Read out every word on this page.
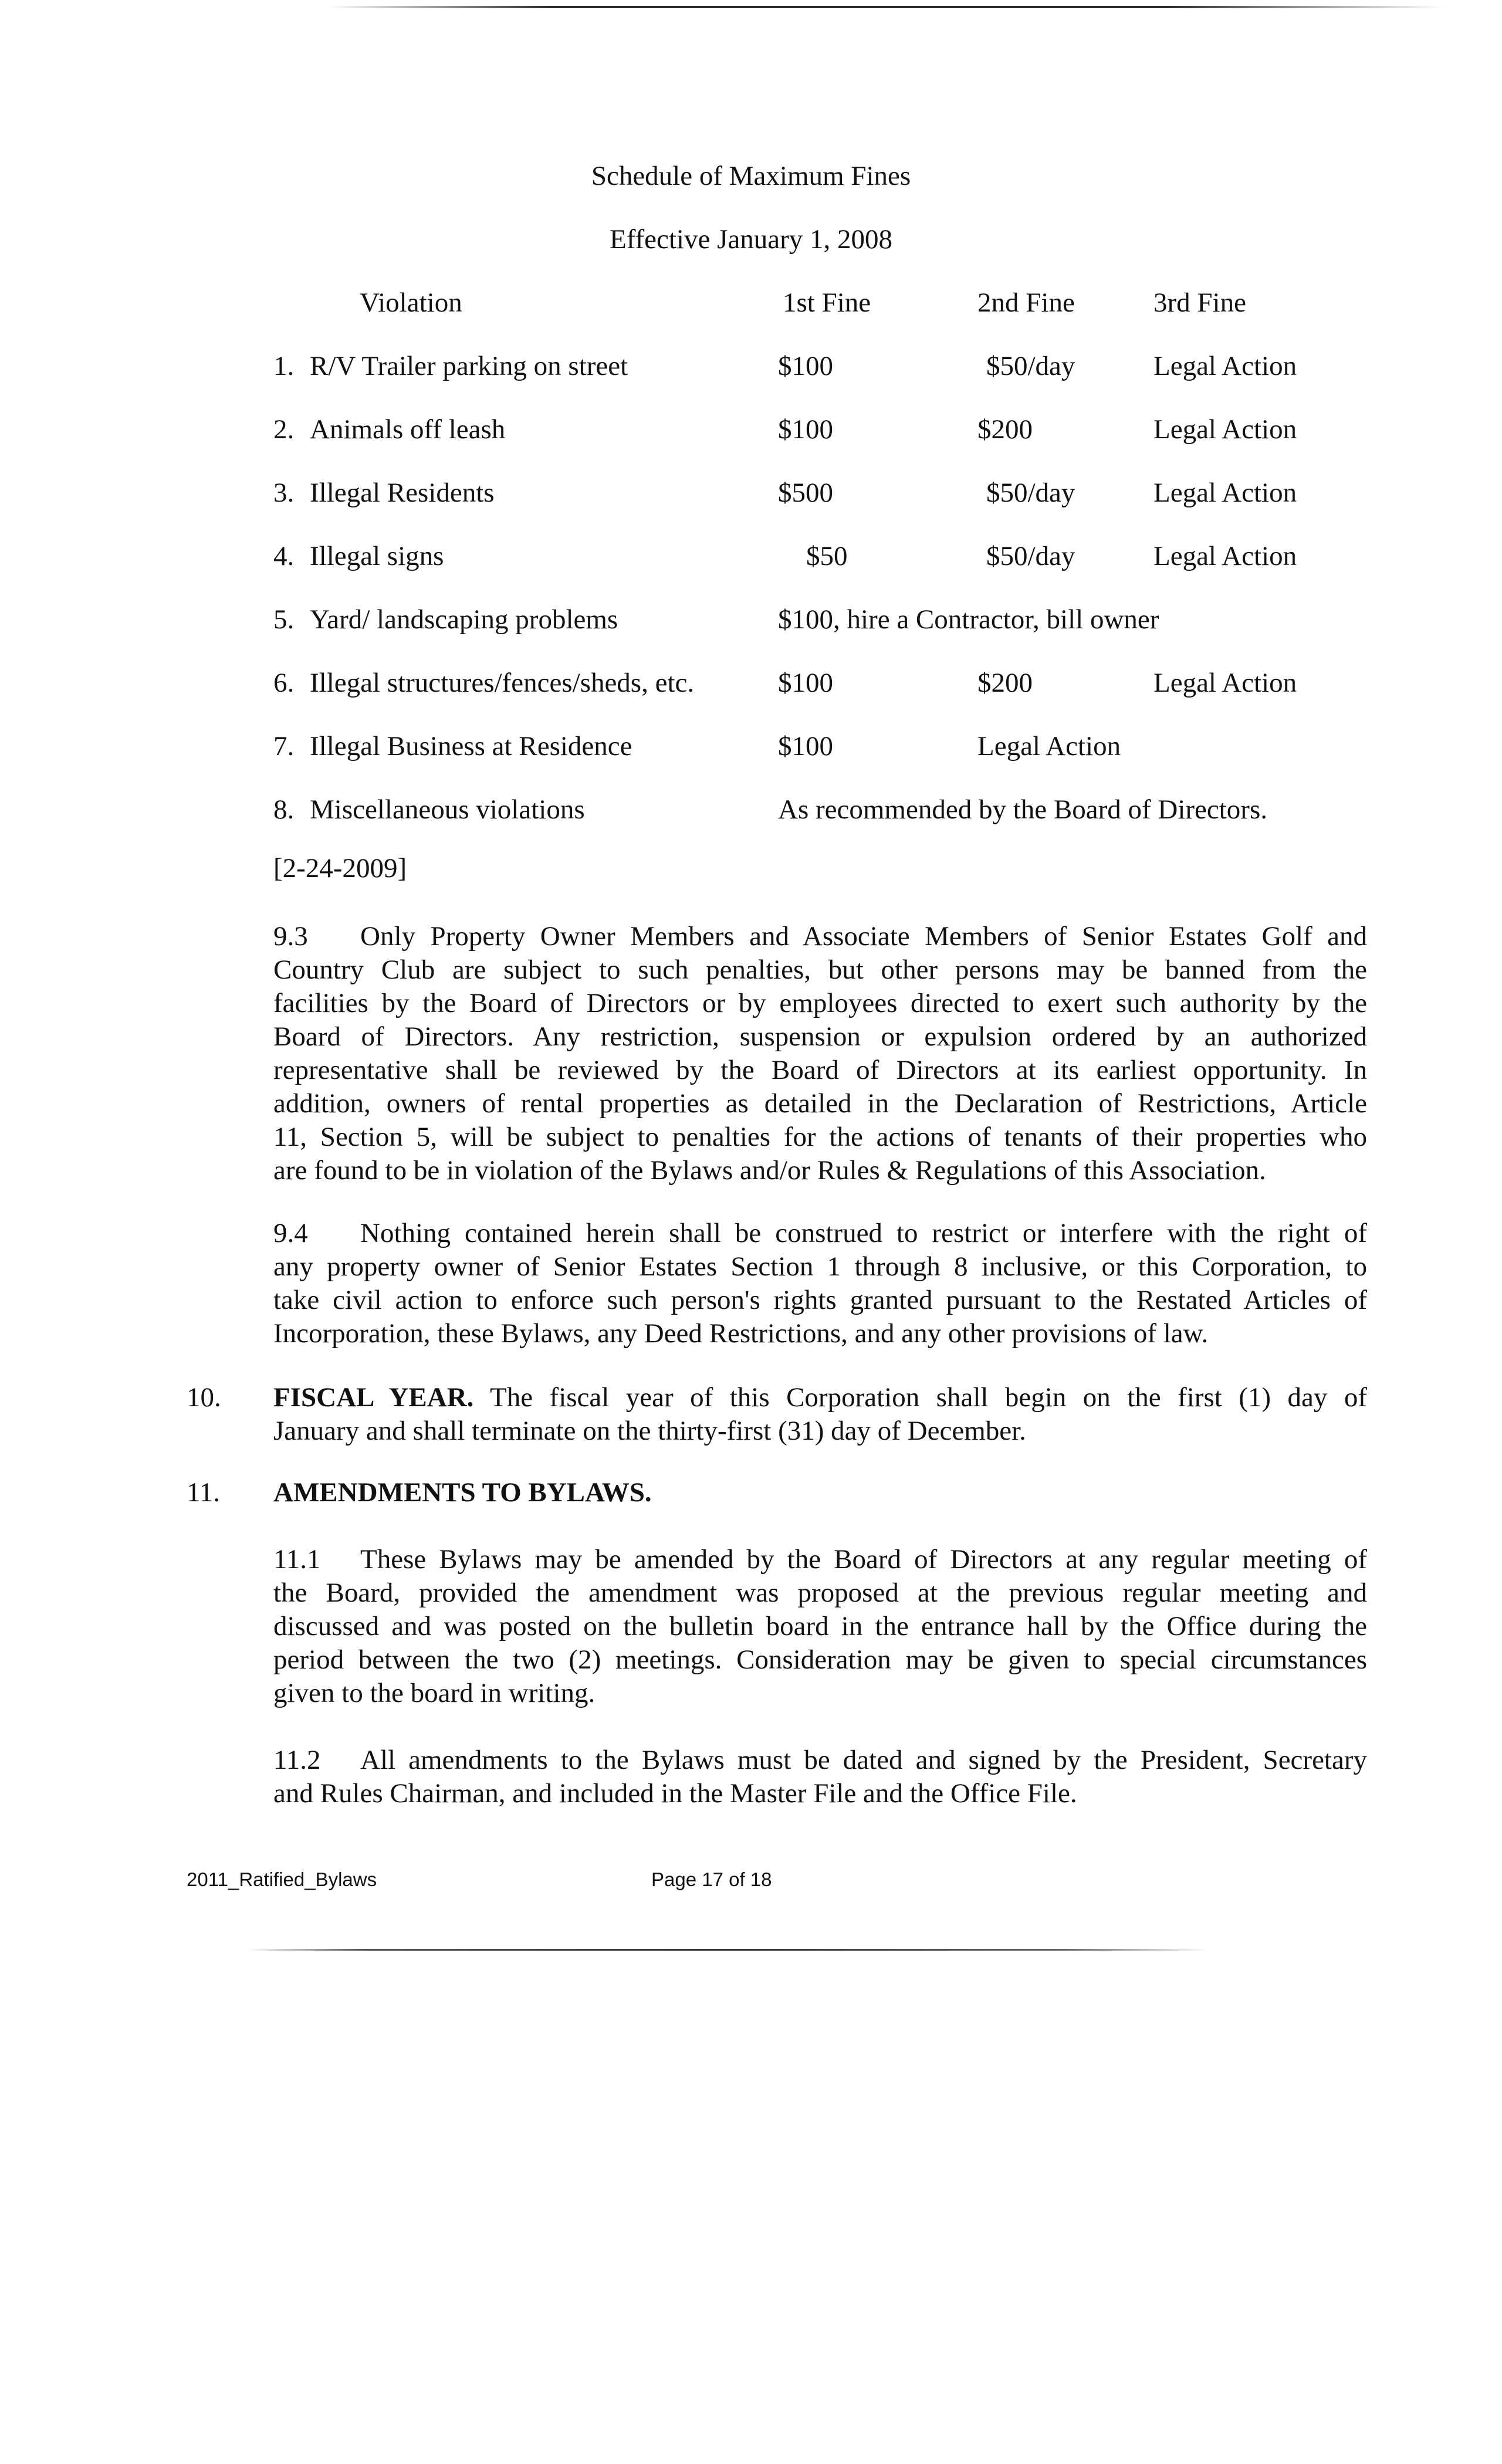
Schedule of Maximum Fines
Effective January 1, 2008
Violation	1st Fine	2nd Fine	3rd Fine
1. R/V Trailer parking on street	$100	$50/day	Legal Action
2. Animals off leash	$100	$200	Legal Action
3. Illegal Residents	$500	$50/day	Legal Action
4. Illegal signs	$50	$50/day	Legal Action
5. Yard/ landscaping problems	$100, hire a Contractor, bill owner
6. Illegal structures/fences/sheds, etc.	$100	$200	Legal Action
7. Illegal Business at Residence	$100	Legal Action
8. Miscellaneous violations	As recommended by the Board of Directors.
[2-24-2009]
9.3	Only Property Owner Members and Associate Members of Senior Estates Golf and
Country Club are subject to such penalties, but other persons may be banned from the
facilities by the Board of Directors or by employees directed to exert such authority by the
Board of Directors. Any restriction, suspension or expulsion ordered by an authorized
representative shall be reviewed by the Board of Directors at its earliest opportunity. In
addition, owners of rental properties as detailed in the Declaration of Restrictions, Article
11, Section 5, will be subject to penalties for the actions of tenants of their properties who
are found to be in violation of the Bylaws and/or Rules & Regulations of this Association.
9.4	Nothing contained herein shall be construed to restrict or interfere with the right of
any property owner of Senior Estates Section 1 through 8 inclusive, or this Corporation, to
take civil action to enforce such person's rights granted pursuant to the Restated Articles of
Incorporation, these Bylaws, any Deed Restrictions, and any other provisions of law.
10. FISCAL YEAR. The fiscal year of this Corporation shall begin on the first (1) day of
January and shall terminate on the thirty-first (31) day of December.
11. AMENDMENTS TO BYLAWS.
11.1	These Bylaws may be amended by the Board of Directors at any regular meeting of
the Board, provided the amendment was proposed at the previous regular meeting and
discussed and was posted on the bulletin board in the entrance hall by the Office during the
period between the two (2) meetings. Consideration may be given to special circumstances
given to the board in writing.
11.2	All amendments to the Bylaws must be dated and signed by the President, Secretary
and Rules Chairman, and included in the Master File and the Office File.
2011_Ratified_Bylaws	Page 17 of 18
